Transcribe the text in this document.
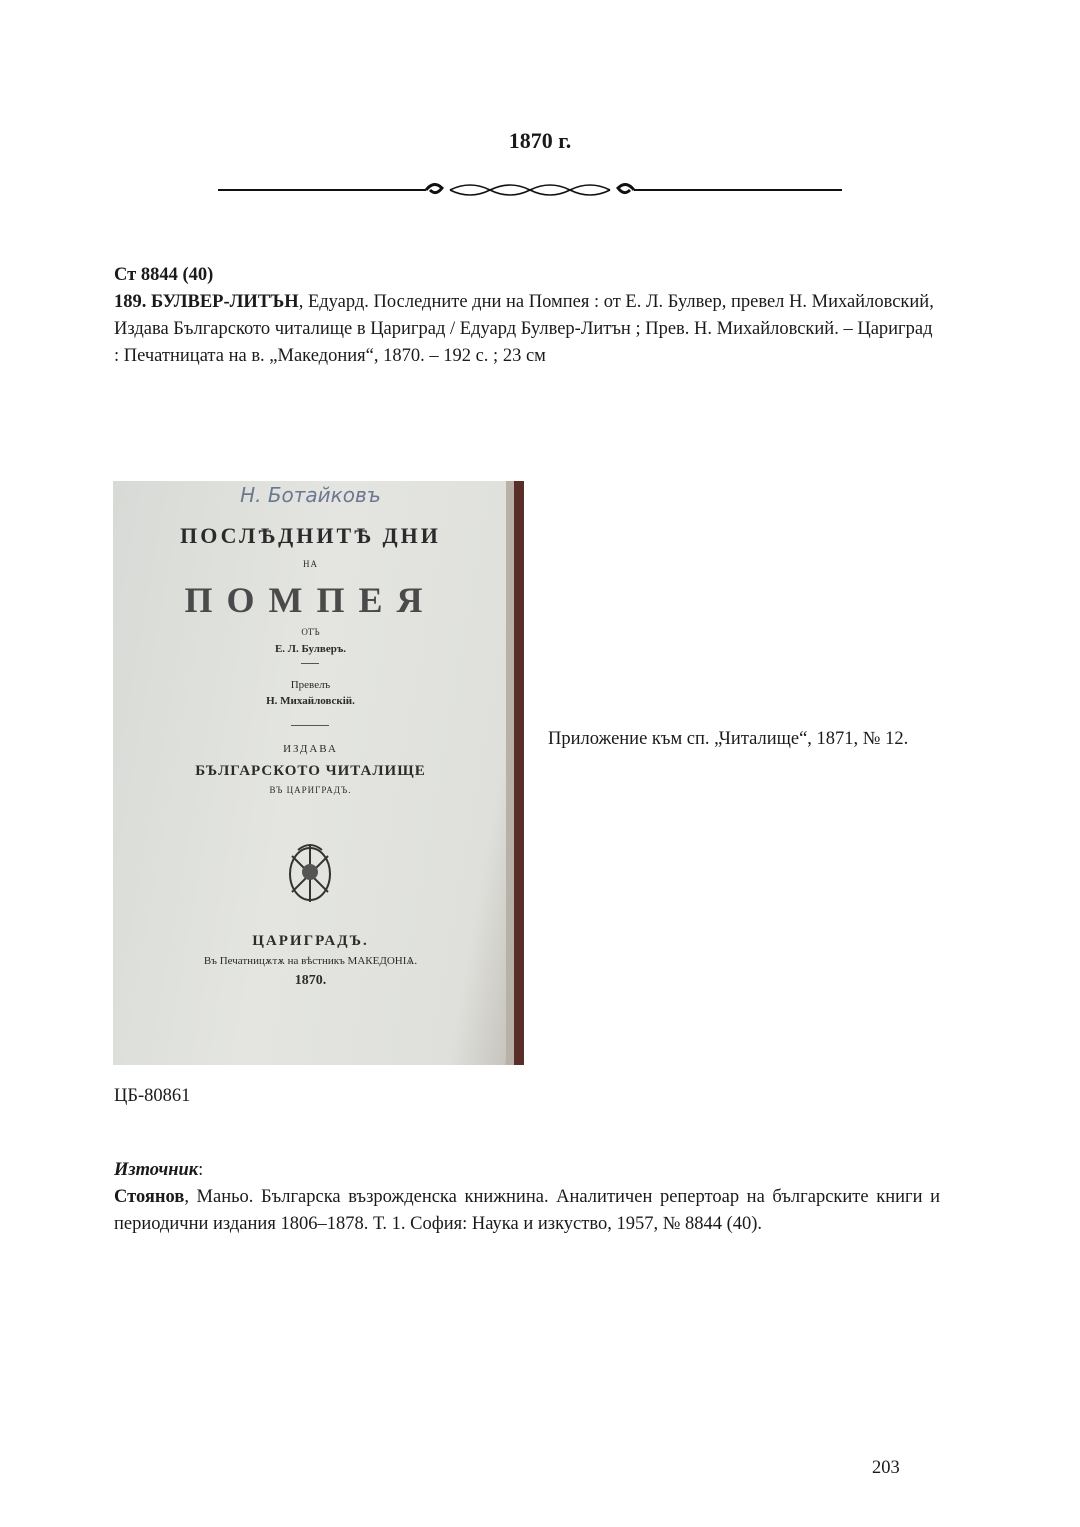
1870 г.
Ст 8844 (40)
189. БУЛВЕР-ЛИТЪН, Едуард. Последните дни на Помпея : от Е. Л. Булвер, превел Н. Михайловский, Издава Българското читалище в Цариград / Едуард Булвер-Литън ; Прев. Н. Михайловский. – Цариград : Печатницата на в. „Македония“, 1870. – 192 с. ; 23 см
Н. Ботайковъ
ПОСЛѢДНИТѢ ДНИ
НА
ПОМПЕЯ
ОТЪ
Е. Л. Булверъ.
Превелъ
Н. Михайловскій.
ИЗДАВА
БЪЛГАРСКОТО ЧИТАЛИЩЕ
ВЪ ЦАРИГРАДЪ.
ЦАРИГРАДЪ.
Въ Печатницѫтѫ на вѣстникъ МАКЕДОНІѦ.
1870.
Приложение към сп. „Читалище“, 1871, № 12.
ЦБ-80861
Източник:
Стоянов, Маньо. Българска възрожденска книжнина. Аналитичен репертоар на българските книги и периодични издания 1806–1878. Т. 1. София: Наука и изкуство, 1957, № 8844 (40).
203
